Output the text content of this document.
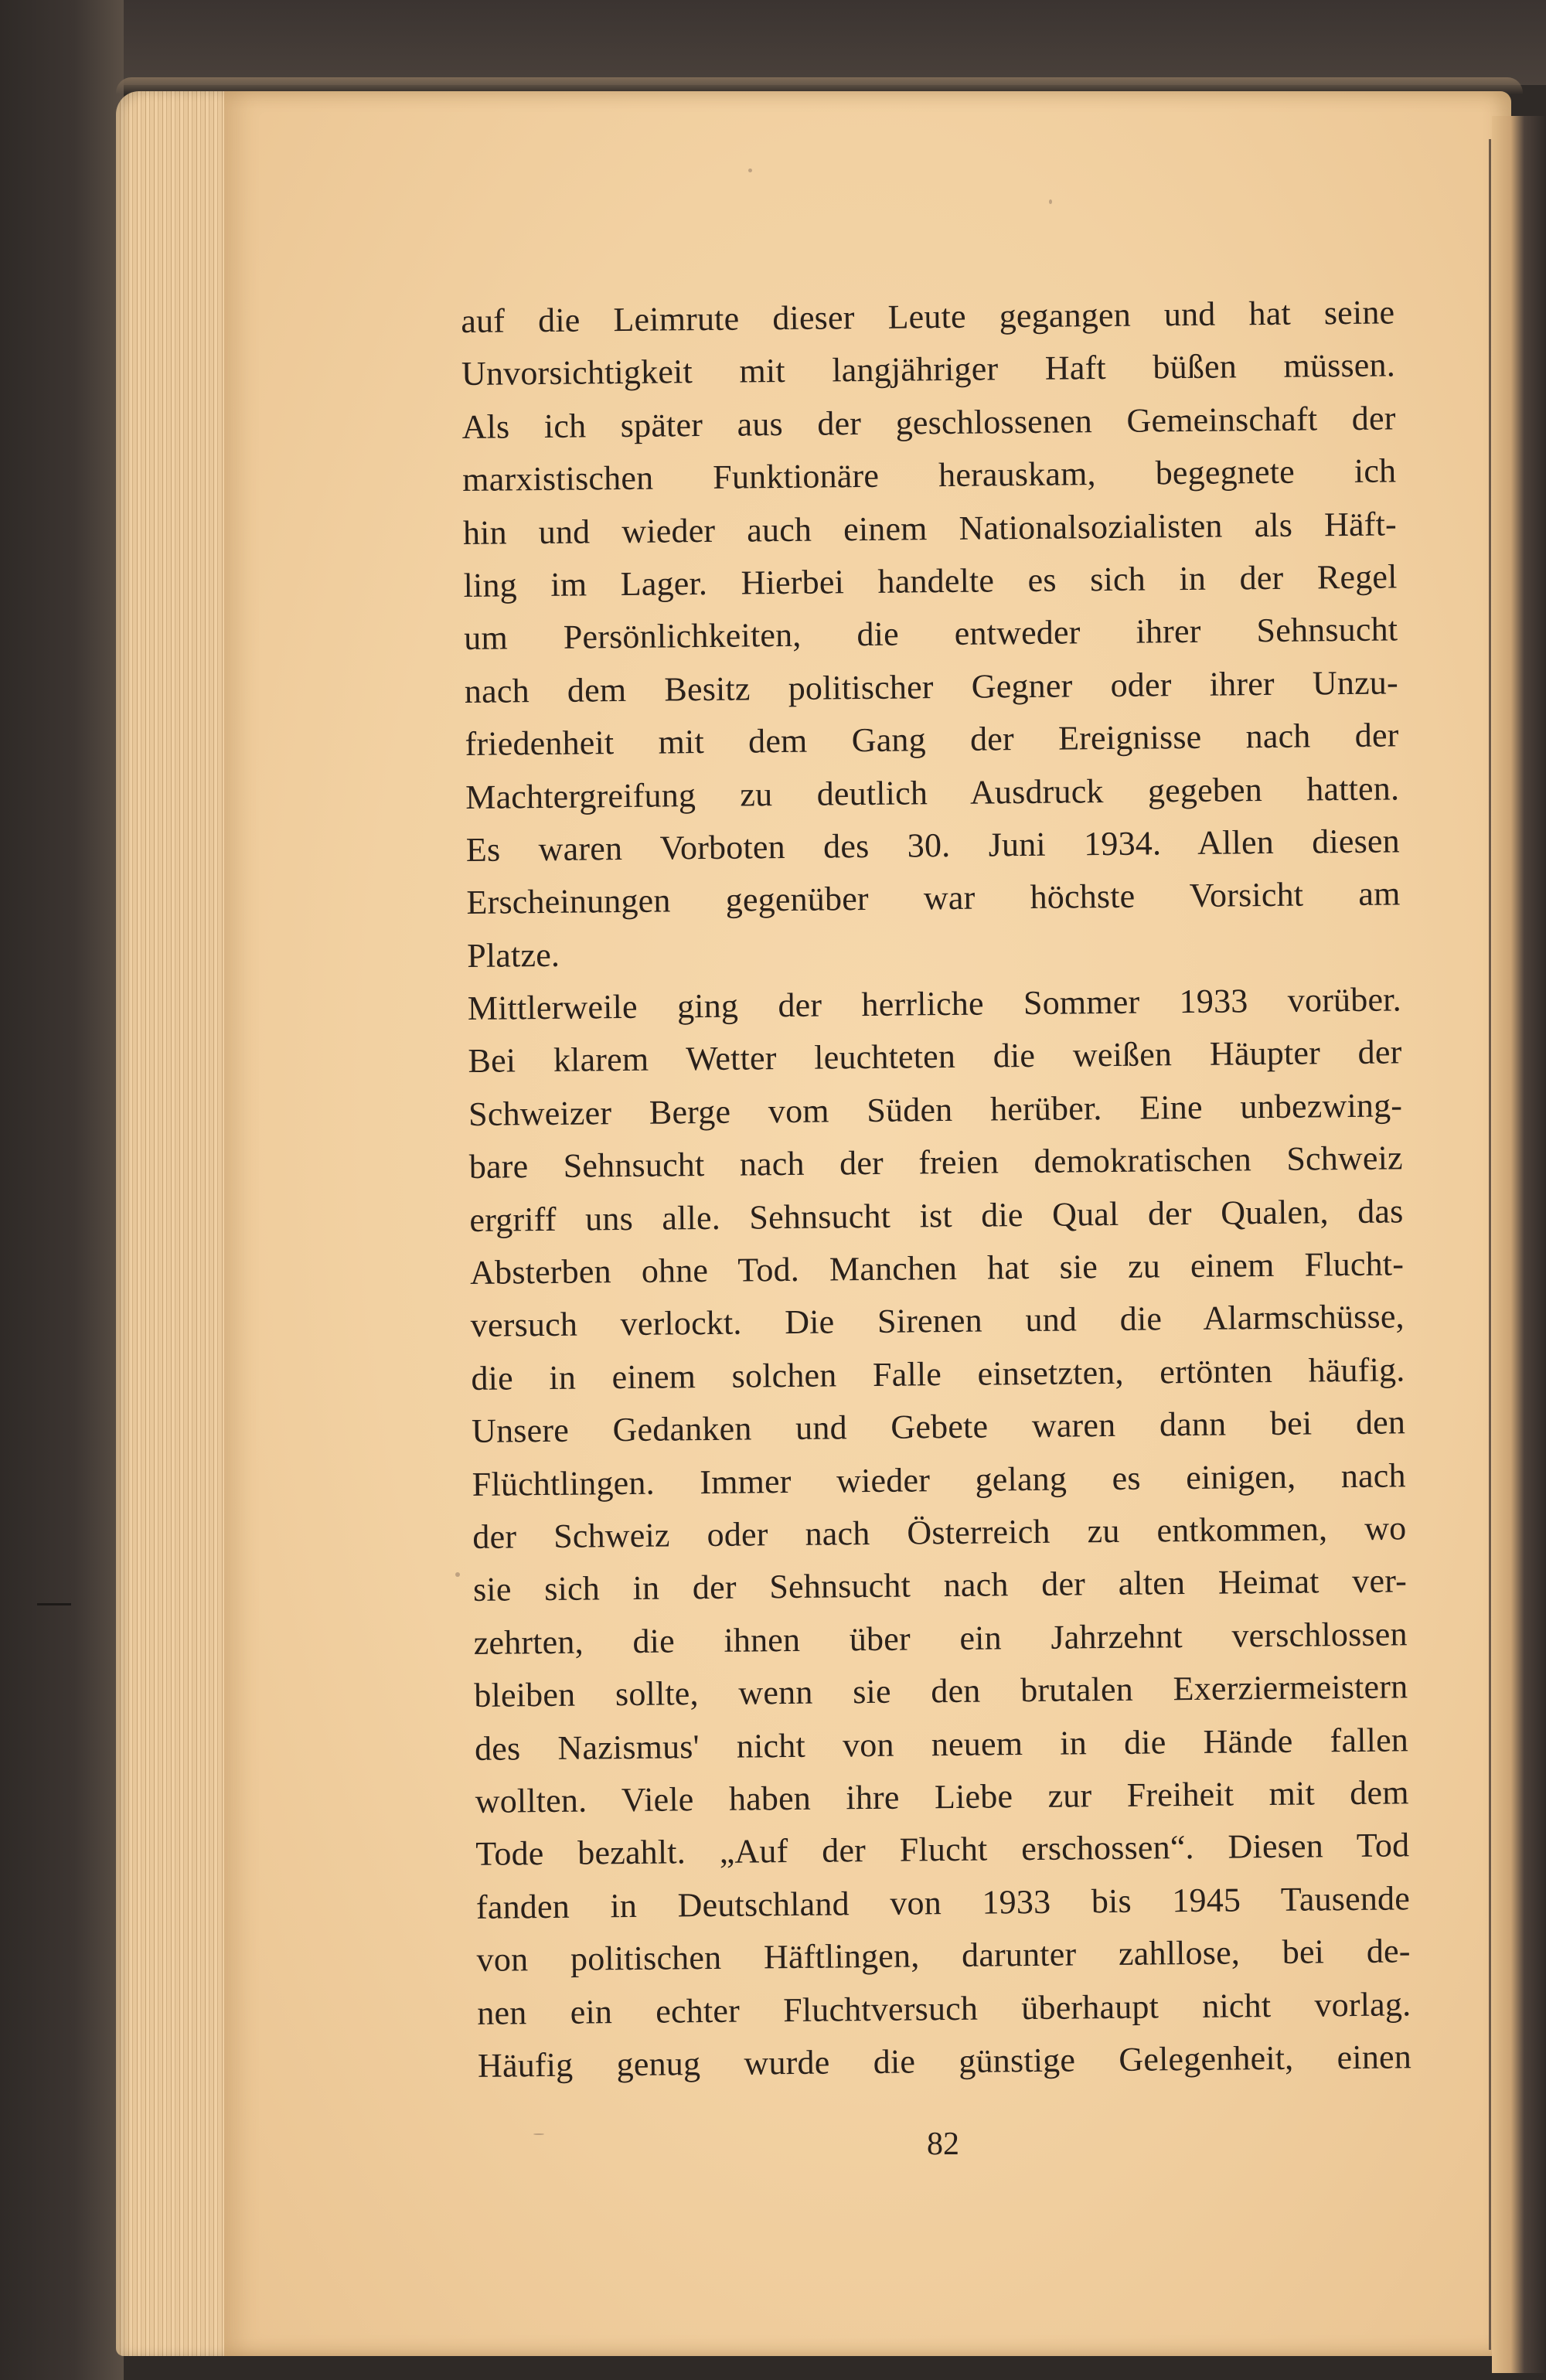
auf die Leimrute dieser Leute gegangen und hat seine
Unvorsichtigkeit mit langjähriger Haft büßen müssen.
Als ich später aus der geschlossenen Gemeinschaft der
marxistischen Funktionäre herauskam, begegnete ich
hin und wieder auch einem Nationalsozialisten als Häft-
ling im Lager. Hierbei handelte es sich in der Regel
um Persönlichkeiten, die entweder ihrer Sehnsucht
nach dem Besitz politischer Gegner oder ihrer Unzu-
friedenheit mit dem Gang der Ereignisse nach der
Machtergreifung zu deutlich Ausdruck gegeben hatten.
Es waren Vorboten des 30. Juni 1934. Allen diesen
Erscheinungen gegenüber war höchste Vorsicht am
Platze.
Mittlerweile ging der herrliche Sommer 1933 vorüber.
Bei klarem Wetter leuchteten die weißen Häupter der
Schweizer Berge vom Süden herüber. Eine unbezwing-
bare Sehnsucht nach der freien demokratischen Schweiz
ergriff uns alle. Sehnsucht ist die Qual der Qualen, das
Absterben ohne Tod. Manchen hat sie zu einem Flucht-
versuch verlockt. Die Sirenen und die Alarmschüsse,
die in einem solchen Falle einsetzten, ertönten häufig.
Unsere Gedanken und Gebete waren dann bei den
Flüchtlingen. Immer wieder gelang es einigen, nach
der Schweiz oder nach Österreich zu entkommen, wo
sie sich in der Sehnsucht nach der alten Heimat ver-
zehrten, die ihnen über ein Jahrzehnt verschlossen
bleiben sollte, wenn sie den brutalen Exerziermeistern
des Nazismus' nicht von neuem in die Hände fallen
wollten. Viele haben ihre Liebe zur Freiheit mit dem
Tode bezahlt. „Auf der Flucht erschossen“. Diesen Tod
fanden in Deutschland von 1933 bis 1945 Tausende
von politischen Häftlingen, darunter zahllose, bei de-
nen ein echter Fluchtversuch überhaupt nicht vorlag.
Häufig genug wurde die günstige Gelegenheit, einen
82
